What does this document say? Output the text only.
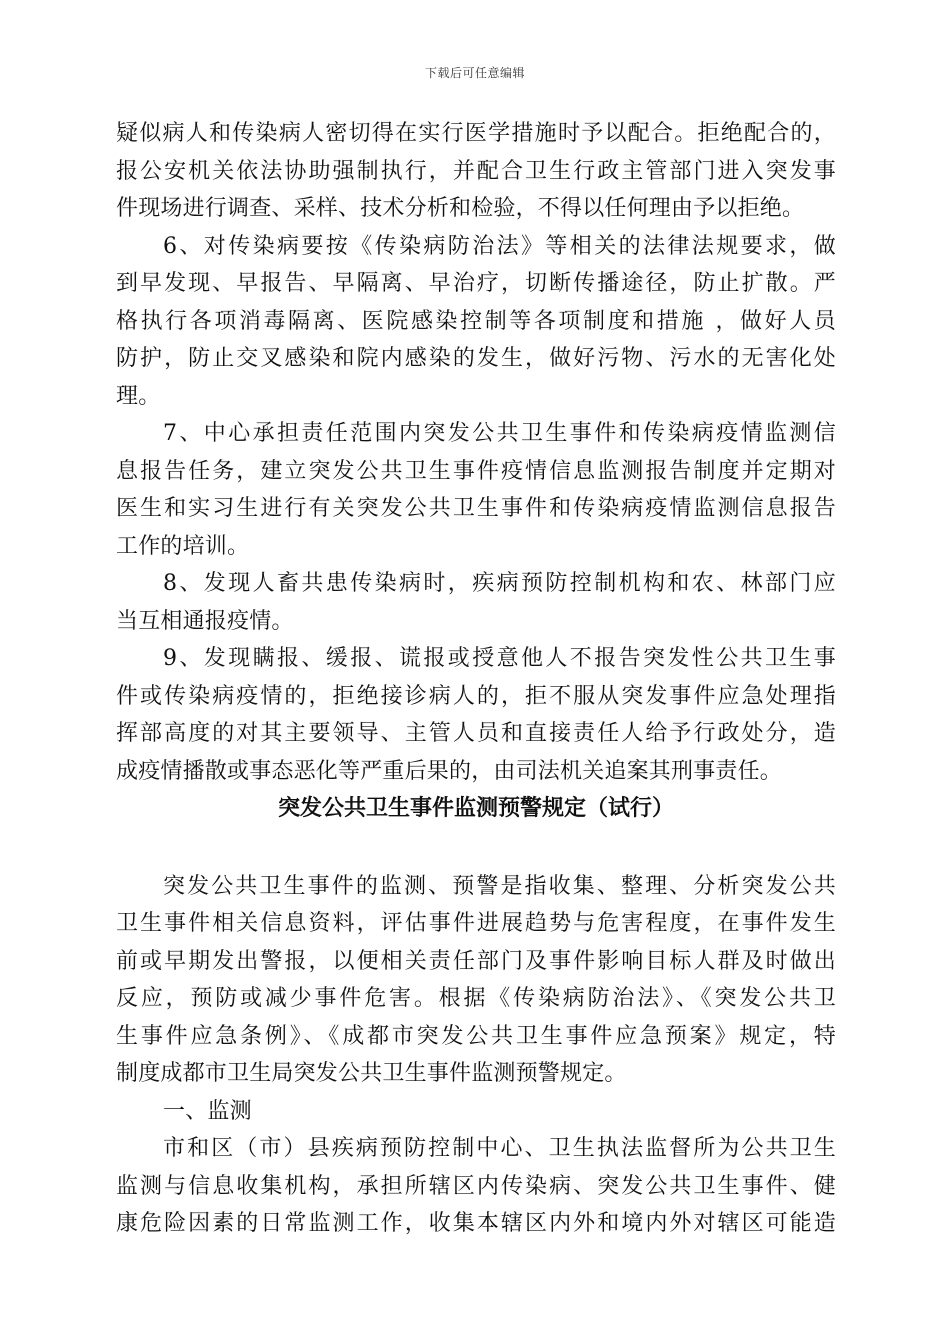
下载后可任意编辑
疑似病人和传染病人密切得在实行医学措施时予以配合。拒绝配合的，
报公安机关依法协助强制执行，并配合卫生行政主管部门进入突发事
件现场进行调查、采样、技术分析和检验，不得以任何理由予以拒绝。
6、对传染病要按《传染病防治法》等相关的法律法规要求，做
到早发现、早报告、早隔离、早治疗，切断传播途径，防止扩散。严
格执行各项消毒隔离、医院感染控制等各项制度和措施 ，做好人员
防护，防止交叉感染和院内感染的发生，做好污物、污水的无害化处
理。
7、中心承担责任范围内突发公共卫生事件和传染病疫情监测信
息报告任务，建立突发公共卫生事件疫情信息监测报告制度并定期对
医生和实习生进行有关突发公共卫生事件和传染病疫情监测信息报告
工作的培训。
8、发现人畜共患传染病时，疾病预防控制机构和农、林部门应
当互相通报疫情。
9、发现瞒报、缓报、谎报或授意他人不报告突发性公共卫生事
件或传染病疫情的，拒绝接诊病人的，拒不服从突发事件应急处理指
挥部高度的对其主要领导、主管人员和直接责任人给予行政处分，造
成疫情播散或事态恶化等严重后果的，由司法机关追案其刑事责任。
突发公共卫生事件监测预警规定（试行）
突发公共卫生事件的监测、预警是指收集、整理、分析突发公共
卫生事件相关信息资料，评估事件进展趋势与危害程度，在事件发生
前或早期发出警报，以便相关责任部门及事件影响目标人群及时做出
反应，预防或减少事件危害。根据《传染病防治法》、《突发公共卫
生事件应急条例》、《成都市突发公共卫生事件应急预案》规定，特
制度成都市卫生局突发公共卫生事件监测预警规定。
一、监测
市和区（市）县疾病预防控制中心、卫生执法监督所为公共卫生
监测与信息收集机构，承担所辖区内传染病、突发公共卫生事件、健
康危险因素的日常监测工作，收集本辖区内外和境内外对辖区可能造
